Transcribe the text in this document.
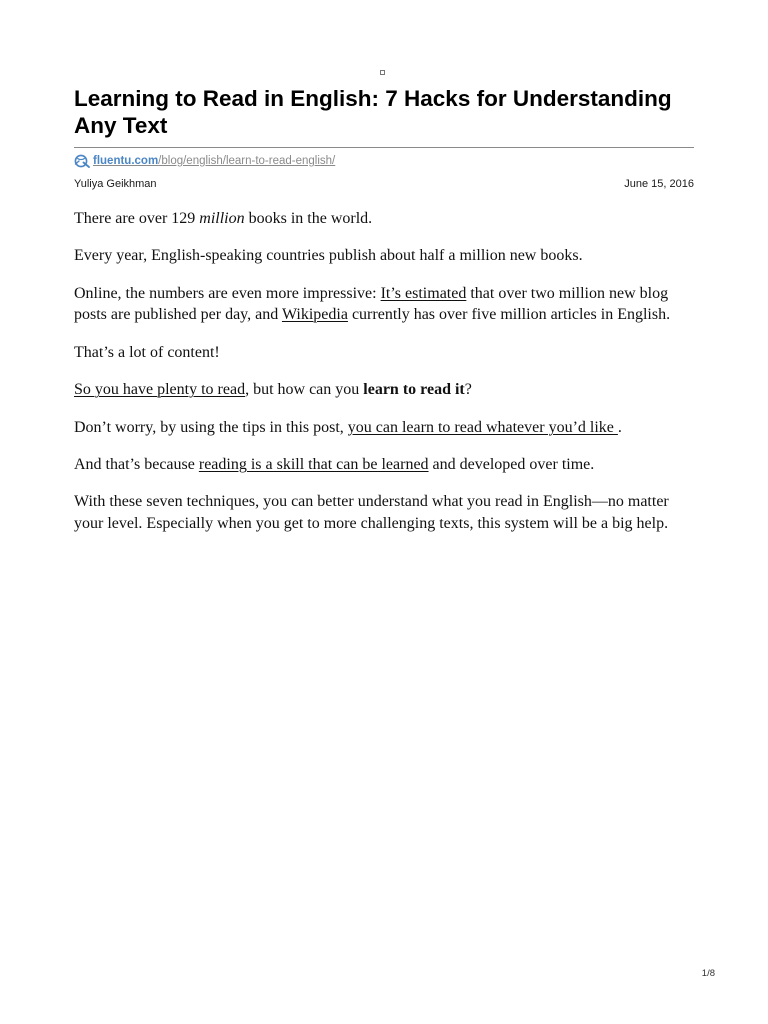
Learning to Read in English: 7 Hacks for Understanding Any Text
fluentu.com /blog/english/learn-to-read-english/
Yuliya Geikhman	June 15, 2016

There are over 129 million books in the world.

Every year, English-speaking countries publish about half a million new books.

Online, the numbers are even more impressive: It’s estimated that over two million new blog posts are published per day, and Wikipedia currently has over five million articles in English.

That’s a lot of content!

So you have plenty to read, but how can you learn to read it?

Don’t worry, by using the tips in this post, you can learn to read whatever you’d like .

And that’s because reading is a skill that can be learned and developed over time.

With these seven techniques, you can better understand what you read in English—no matter your level. Especially when you get to more challenging texts, this system will be a big help.

1/8
